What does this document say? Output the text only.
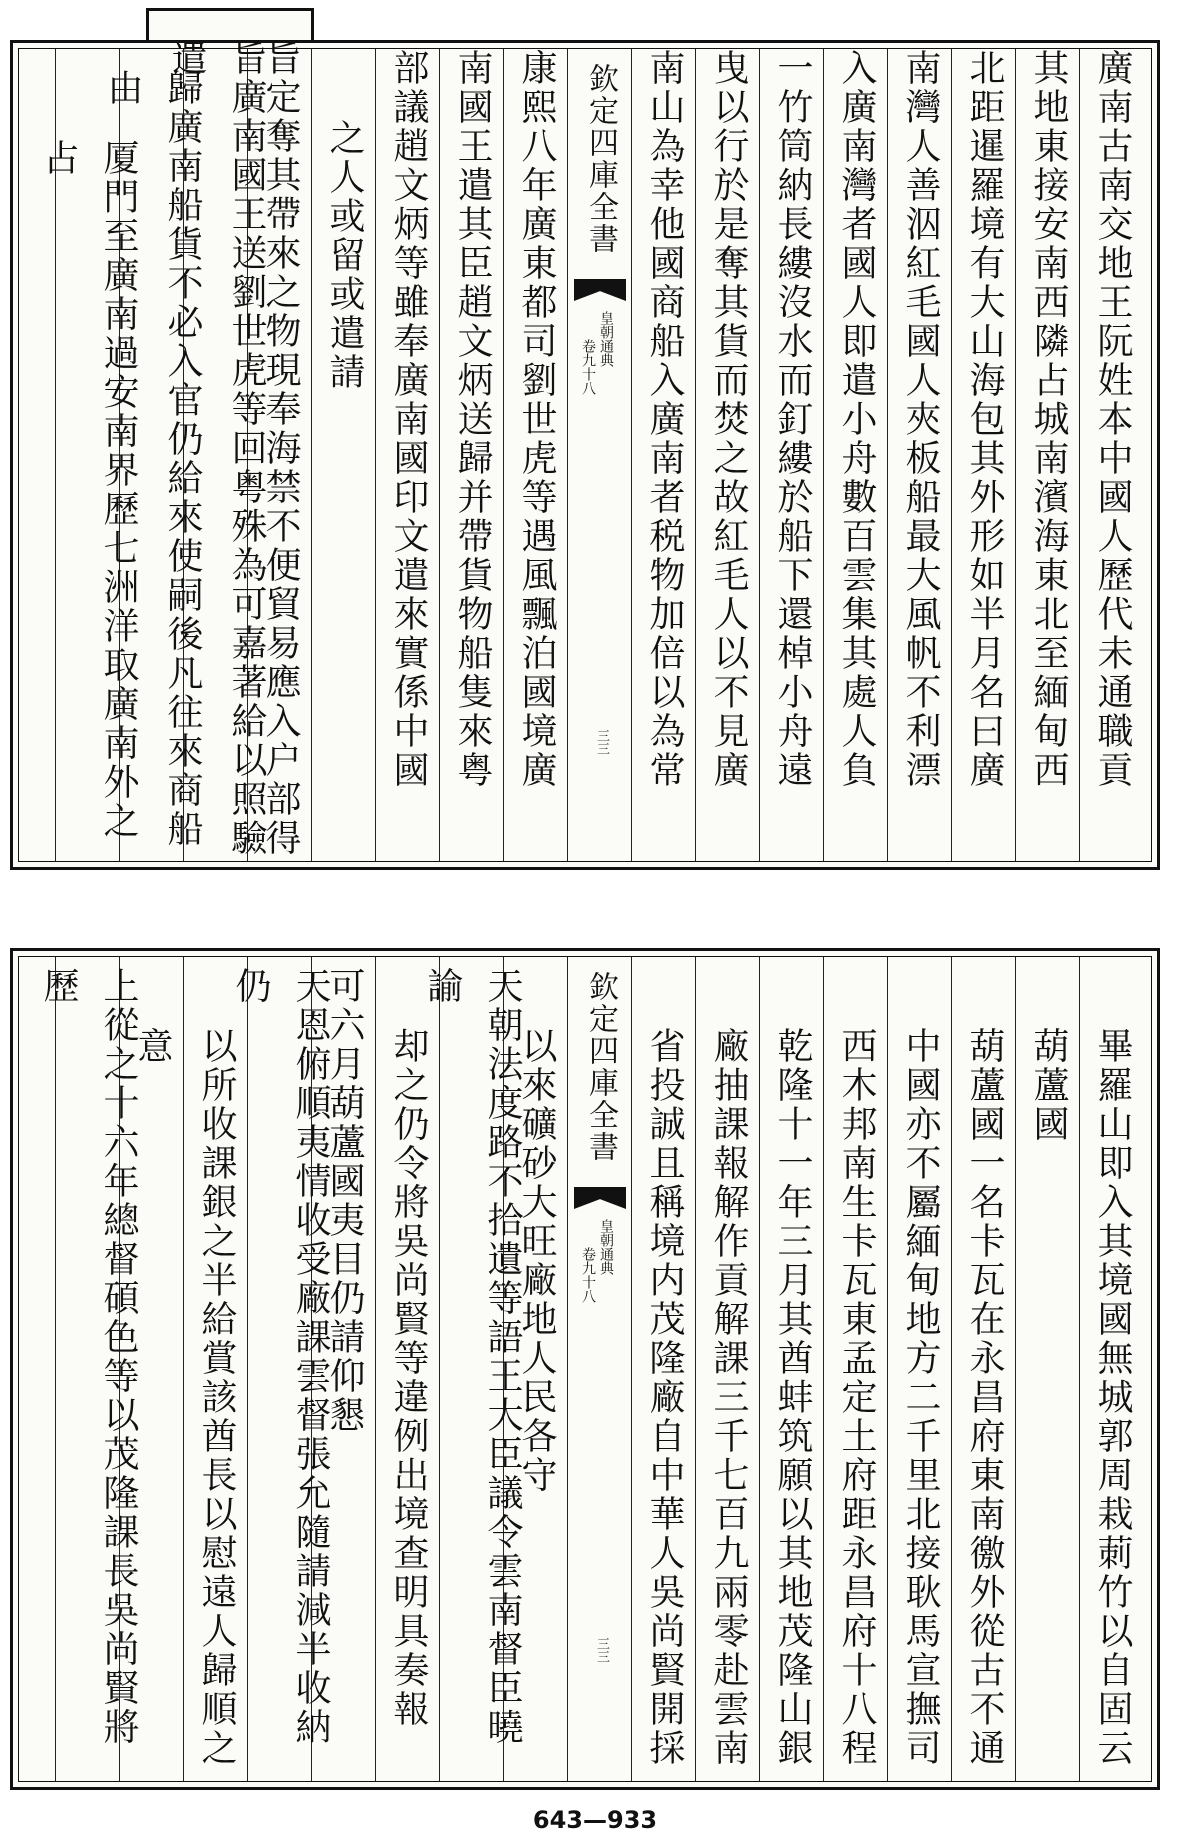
廣南古南交地王阮姓本中國人歷代未通職貢
其地東接安南西隣占城南濱海東北至緬甸西
北距暹羅境有大山海包其外形如半月名曰廣
南灣人善泅紅毛國人夾板船最大風帆不利漂
入廣南灣者國人即遣小舟數百雲集其處人負
一竹筒納長縷沒水而釘縷於船下還棹小舟遠
曳以行於是奪其貨而焚之故紅毛人以不見廣
南山為幸他國商船入廣南者税物加倍以為常
欽定四庫全書
皇朝通典
卷九十八
三三
康熙八年廣東都司劉世虎等遇風飄泊國境廣
南國王遣其臣趙文炳送歸并帶貨物船隻來粤
部議趙文炳等雖奉廣南國印文遣來實係中國
之人或留或遣請
旨定奪其帶來之物現奉海禁不便貿易應入户部得
旨廣南國王送劉世虎等回粤殊為可嘉著給以照驗遣
歸廣南船貨不必入官仍給來使嗣後凡往來商船由
厦門至廣南過安南界歷七洲洋取廣南外之占
畢羅山即入其境國無城郭周栽莿竹以自固云
葫蘆國
葫蘆國一名卡瓦在永昌府東南徼外從古不通
中國亦不屬緬甸地方二千里北接耿馬宣撫司
西木邦南生卡瓦東孟定土府距永昌府十八程
乾隆十一年三月其酋蚌筑願以其地茂隆山銀
廠抽課報解作貢解課三千七百九兩零赴雲南
省投誠且稱境内茂隆廠自中華人吳尚賢開採
欽定四庫全書
皇朝通典
卷九十八
三三
以來礦砂大旺廠地人民各守
天朝法度路不拾遺等語王大臣議令雲南督臣曉諭
却之仍令將吳尚賢等違例出境查明具奏報
可六月葫蘆國夷目仍請仰懇
天恩俯順夷情收受廠課雲督張允隨請減半收納仍
以所收課銀之半給賞該酋長以慰遠人歸順之
意
上從之十六年總督碩色等以茂隆課長吳尚賢將歷
643—933
